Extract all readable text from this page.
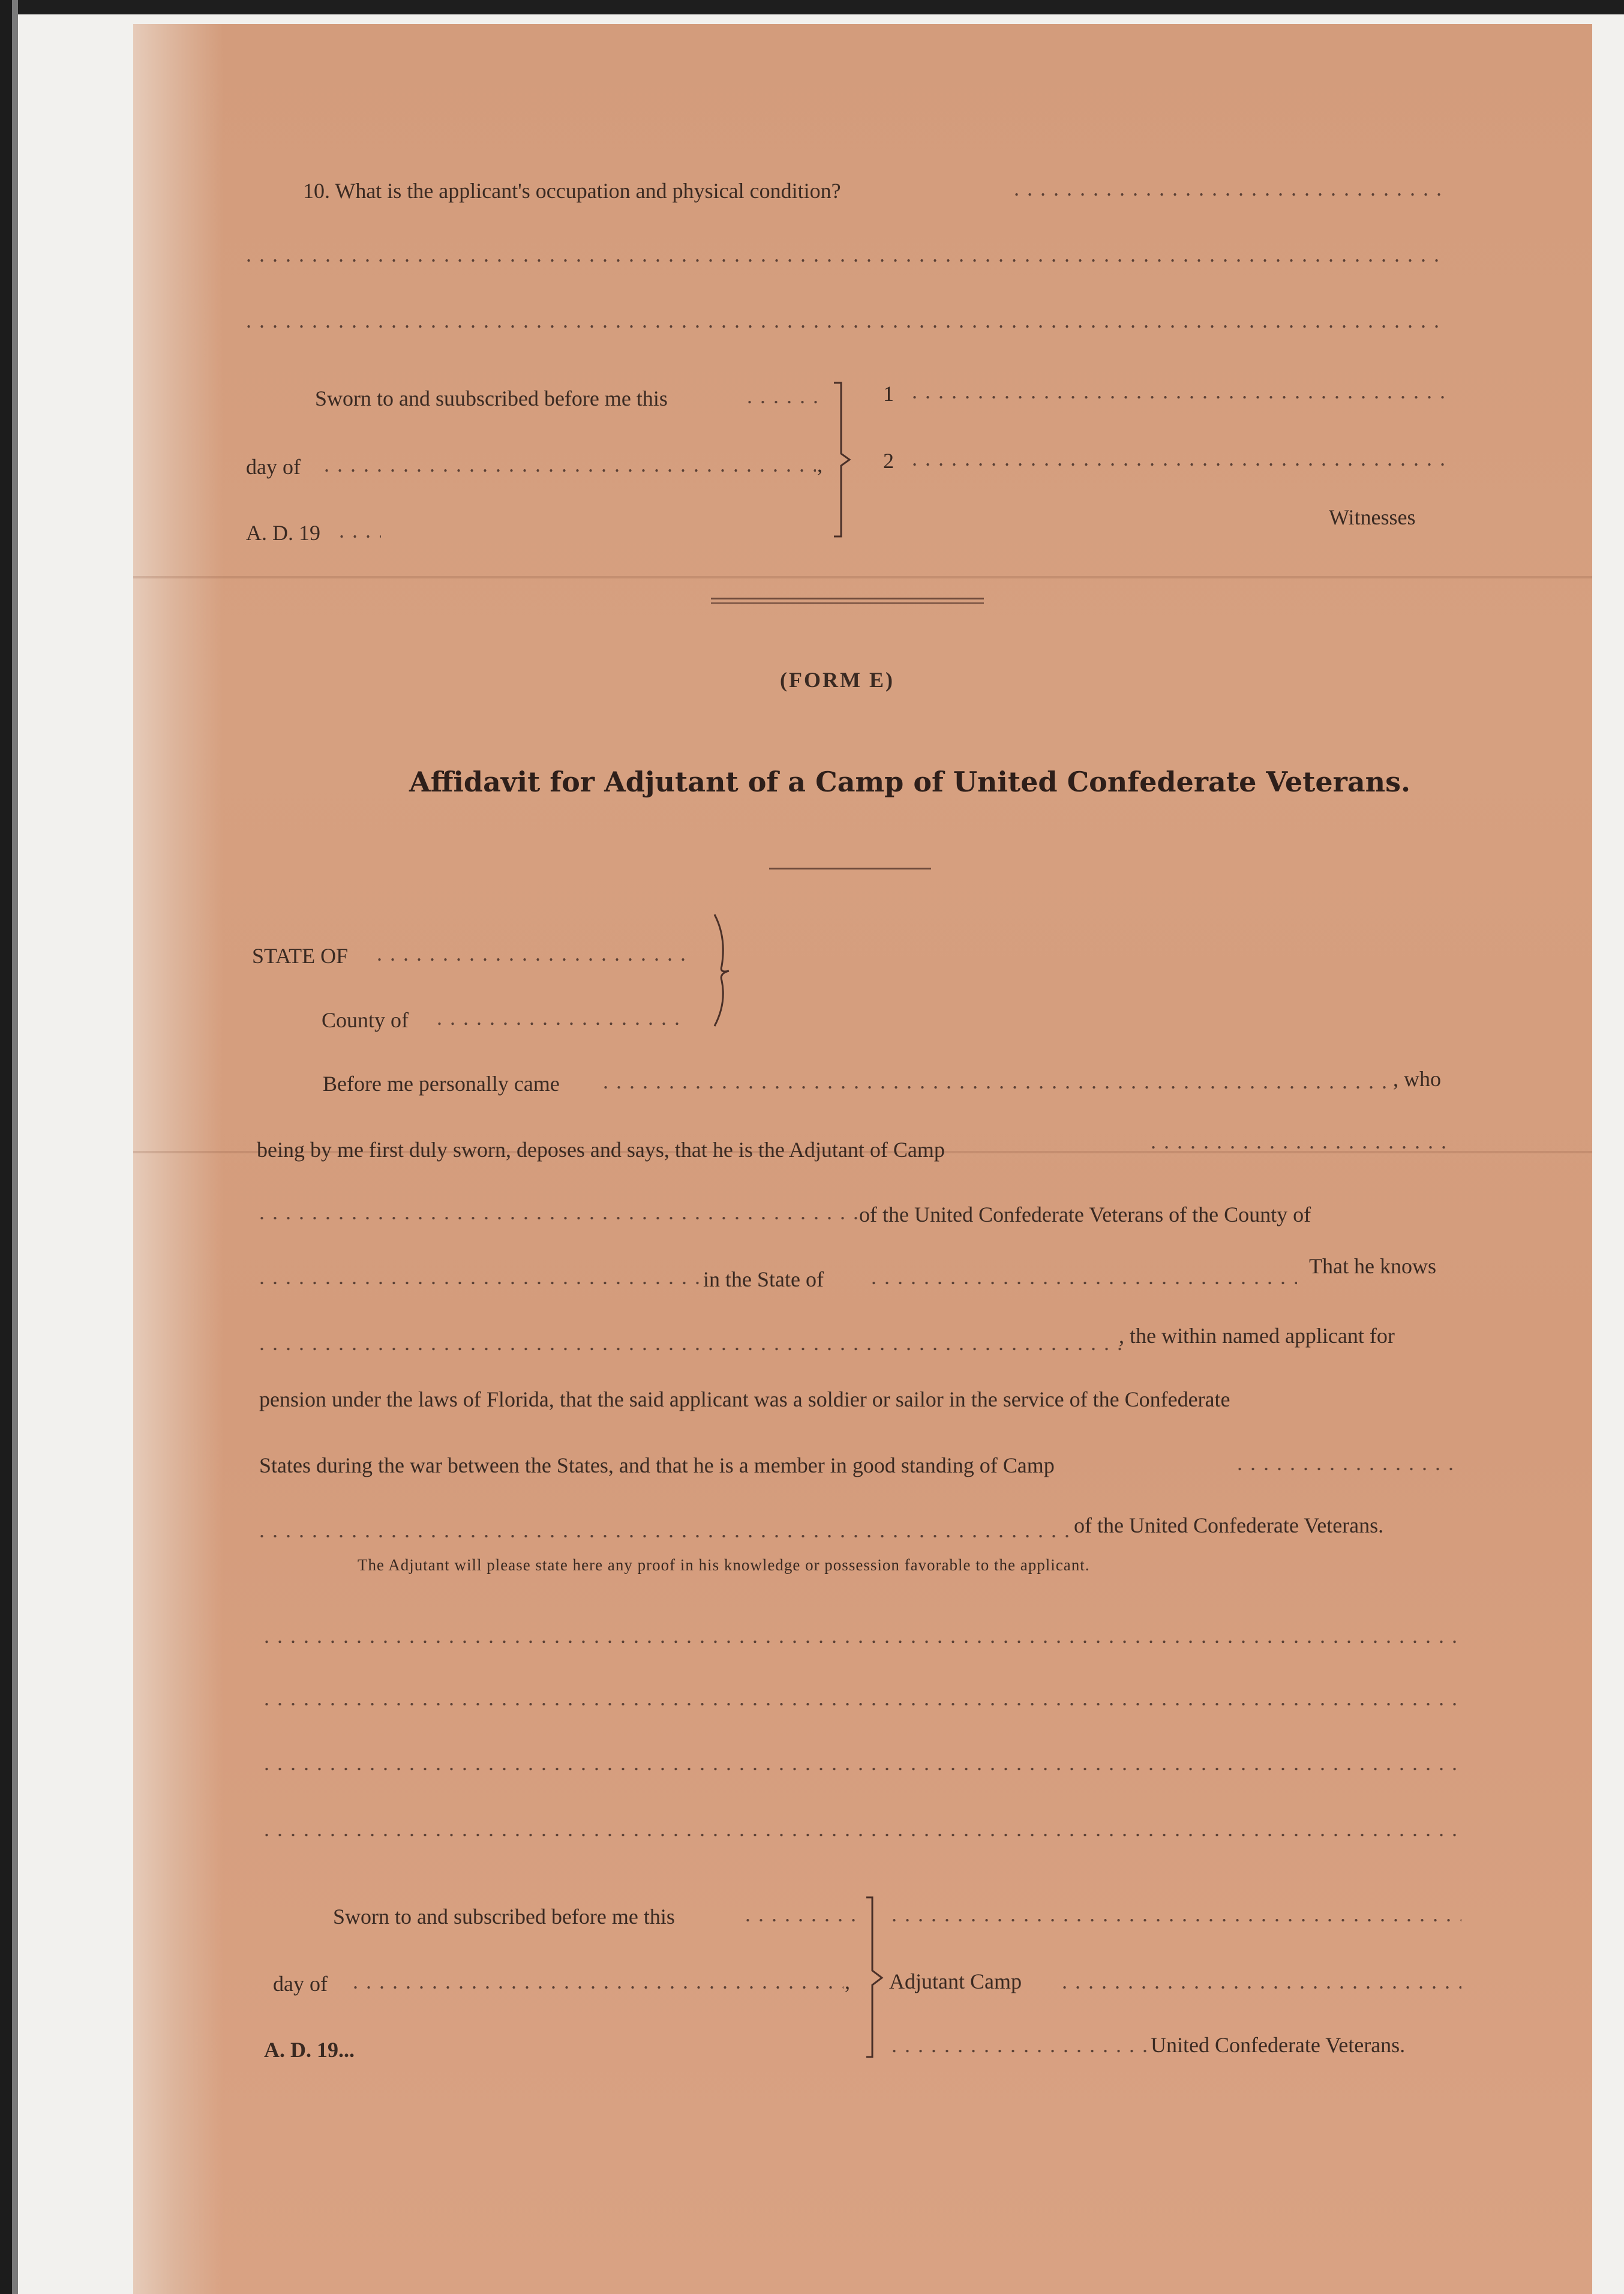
10. What is the applicant's occupation and physical condition?
. . .
. . .
. . .
Sworn to and suubscribed before me this
. . .
day of . . .	,
A. D. 19
. . .
1
. . .
2
. . .
Witnesses
(FORM E)
Affidavit for Adjutant of a Camp of United Confederate Veterans.
STATE OF
. . .
County of
. . .
Before me personally came . . .	, who
being by me first duly sworn, deposes and says, that he is the Adjutant of Camp
. . .
. . .
of the United Confederate Veterans of the County of
. . .
in the State of
. . .
That he knows
. . .
, the within named applicant for
pension under the laws of Florida, that the said applicant was a soldier or sailor in the service of the Confederate
States during the war between the States, and that he is a member in good standing of Camp
. . .
. . .
of the United Confederate Veterans.
The Adjutant will please state here any proof in his knowledge or possession favorable to the applicant.
. . .
. . .
. . .
. . .
Sworn to and subscribed before me this
. . .
day of . . .	,
A. D. 19...
. . .
Adjutant Camp
. . .
. . .
United Confederate Veterans.
